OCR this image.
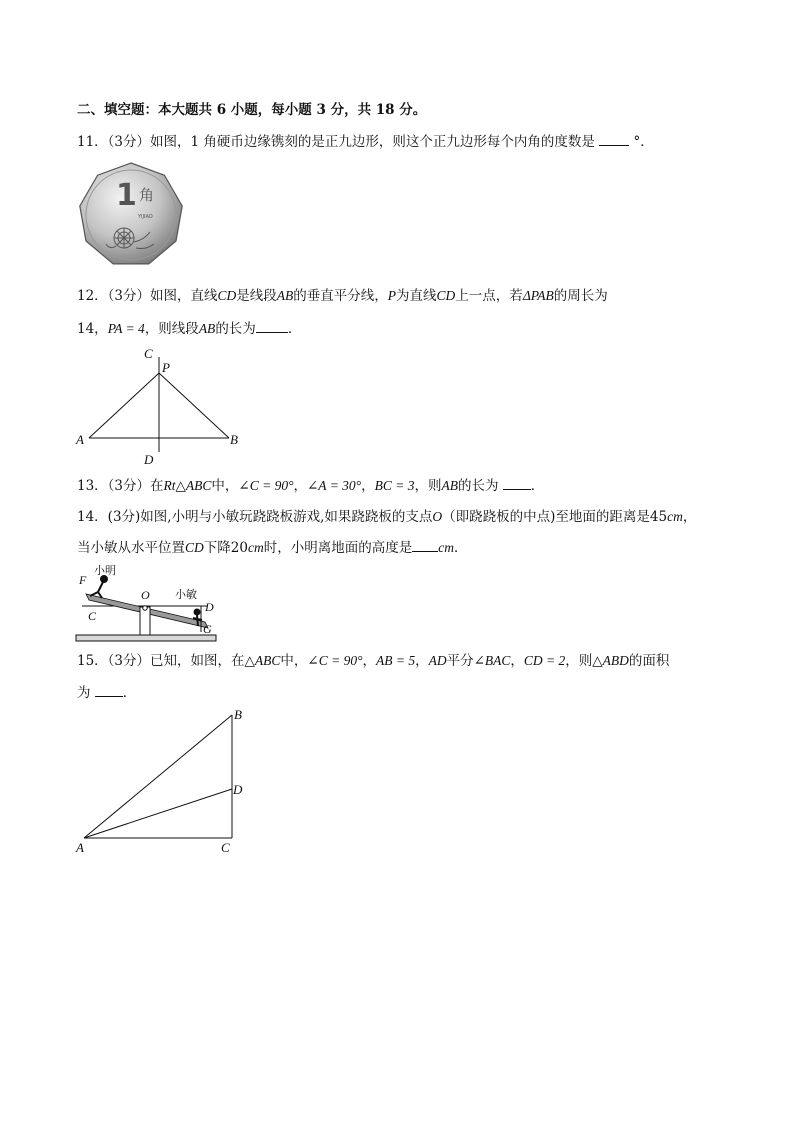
二、填空题：本大题共 6 小题，每小题 3 分，共 18 分。
11．（3分）如图，1 角硬币边缘镌刻的是正九边形，则这个正九边形每个内角的度数是	°．
1 角
YIJIAO
12．（3分）如图，直线CD是线段AB的垂直平分线，P为直线CD上一点，若ΔPAB的周长为
14，PA = 4，则线段AB的长为 ．
C
P
A	B
D
13．（3分）在Rt△ABC中，∠C = 90°，∠A = 30°，BC = 3，则AB的长为 ．
14．(3分)如图,小明与小敏玩跷跷板游戏,如果跷跷板的支点O（即跷跷板的中点)至地面的距离是45cm，
当小敏从水平位置CD下降20cm时，小明离地面的高度是 cm．
小明
小敏
F
C
O
D
G
15．（3分）已知，如图，在△ABC中，∠C = 90°，AB = 5，AD平分∠BAC，CD = 2，则△ABD的面积
为 ．
B
D
A	C
